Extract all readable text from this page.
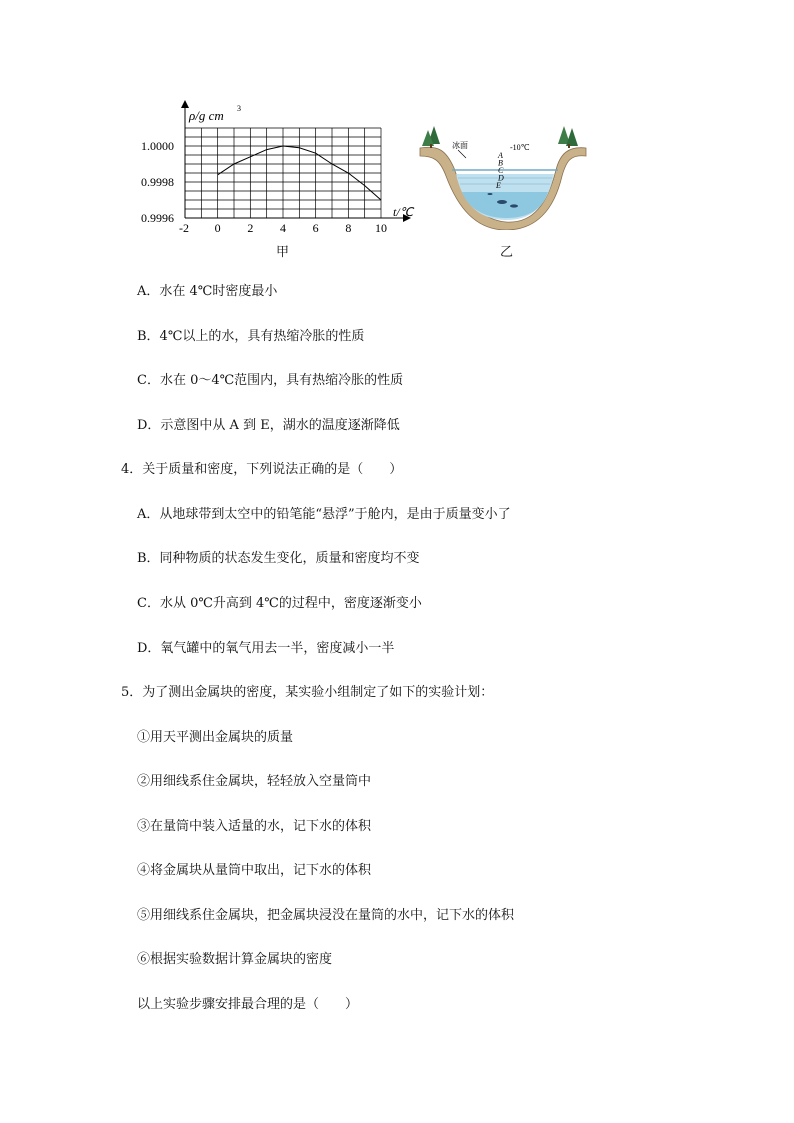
-2 0 2 4 6 8 10
1.0000
0.9998
0.9996
ρ/g cm 3
t/℃
甲
冰面	-10℃
A
B
C
D
E
乙
A．水在 4℃时密度最小
B．4℃以上的水，具有热缩冷胀的性质
C．水在 0～4℃范围内，具有热缩冷胀的性质
D．示意图中从 A 到 E，湖水的温度逐渐降低
4．关于质量和密度，下列说法正确的是（　　）
A．从地球带到太空中的铅笔能“悬浮”于舱内，是由于质量变小了
B．同种物质的状态发生变化，质量和密度均不变
C．水从 0℃升高到 4℃的过程中，密度逐渐变小
D．氧气罐中的氧气用去一半，密度减小一半
5．为了测出金属块的密度，某实验小组制定了如下的实验计划：
①用天平测出金属块的质量
②用细线系住金属块，轻轻放入空量筒中
③在量筒中装入适量的水，记下水的体积
④将金属块从量筒中取出，记下水的体积
⑤用细线系住金属块，把金属块浸没在量筒的水中，记下水的体积
⑥根据实验数据计算金属块的密度
以上实验步骤安排最合理的是（　　）
